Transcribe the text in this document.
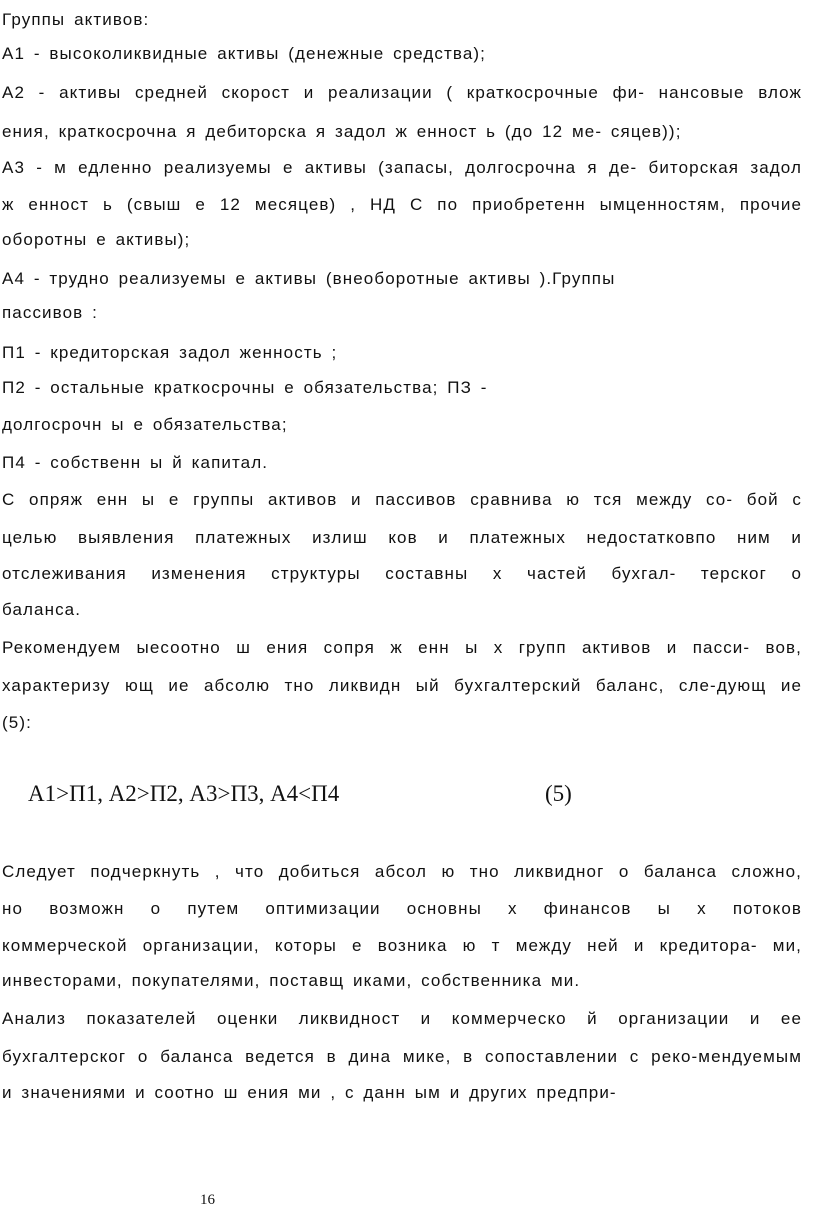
Группы активов:
А1 - высоколиквидные активы (денежные средства);
А2 - активы средней скорост и реализации ( краткосрочные фи- нансовые влож
ения, краткосрочна я дебиторска я задол ж енност ь (до 12 ме- сяцев));
А3 - м едленно реализуемы е активы (запасы, долгосрочна я де- биторская задол
ж енност ь (свыш е 12 месяцев) , НД С по приобретенн ымценностям, прочие
оборотны е активы);
А4 - трудно реализуемы е активы (внеоборотные активы ).Группы
пассивов :
П1 - кредиторская задол женность ;
П2 - остальные краткосрочны е обязательства; ПЗ -
долгосрочн ы е обязательства;
П4 - собственн ы й капитал.
С опряж енн ы е группы активов и пассивов сравнива ю тся между со- бой с
целью выявления платежных излиш ков и платежных недостатковпо ним и
отслеживания изменения структуры составны х частей бухгал- терског о
баланса.
Рекомендуем ыесоотно ш ения сопря ж енн ы х групп активов и пасси- вов,
характеризу ющ ие абсолю тно ликвидн ый бухгалтерский баланс, сле-дующ ие
(5):
А1>П1, А2>П2, А3>П3, А4<П4	(5)
Следует подчеркнуть , что добиться абсол ю тно ликвидног о баланса сложно,
но возможн о путем оптимизации основны х финансов ы х потоков
коммерческой организации, которы е возника ю т между ней и кредитора- ми,
инвесторами, покупателями, поставщ иками, собственника ми.
Анализ показателей оценки ликвидност и коммерческо й организации и ее
бухгалтерског о баланса ведется в дина мике, в сопоставлении с реко-мендуемым
и значениями и соотно ш ения ми , с данн ым и других предпри-
16
